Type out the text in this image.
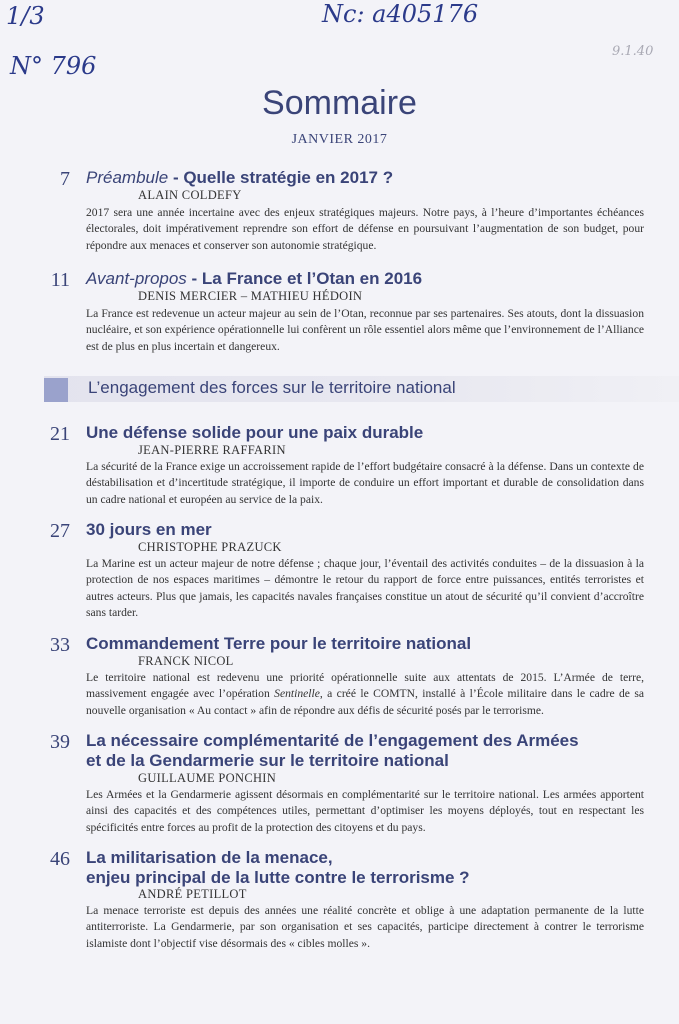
1/3	Nc: a405176
N° 796
9.1.40
Sommaire
JANVIER 2017
7 Préambule - Quelle stratégie en 2017 ?
ALAIN COLDEFY
2017 sera une année incertaine avec des enjeux stratégiques majeurs. Notre pays, à l’heure d’importantes échéances électorales, doit impérativement reprendre son effort de défense en poursuivant l’augmentation de son budget, pour répondre aux menaces et conserver son autonomie stratégique.
11 Avant-propos - La France et l’Otan en 2016
DENIS MERCIER – MATHIEU HÉDOIN
La France est redevenue un acteur majeur au sein de l’Otan, reconnue par ses partenaires. Ses atouts, dont la dissuasion nucléaire, et son expérience opérationnelle lui confèrent un rôle essentiel alors même que l’environnement de l’Alliance est de plus en plus incertain et dangereux.
L’engagement des forces sur le territoire national
21 Une défense solide pour une paix durable
JEAN-PIERRE RAFFARIN
La sécurité de la France exige un accroissement rapide de l’effort budgétaire consacré à la défense. Dans un contexte de déstabilisation et d’incertitude stratégique, il importe de conduire un effort important et durable de consolidation dans un cadre national et européen au service de la paix.
27 30 jours en mer
CHRISTOPHE PRAZUCK
La Marine est un acteur majeur de notre défense ; chaque jour, l’éventail des activités conduites – de la dissuasion à la protection de nos espaces maritimes – démontre le retour du rapport de force entre puissances, entités terroristes et autres acteurs. Plus que jamais, les capacités navales françaises constitue un atout de sécurité qu’il convient d’accroître sans tarder.
33 Commandement Terre pour le territoire national
FRANCK NICOL
Le territoire national est redevenu une priorité opérationnelle suite aux attentats de 2015. L’Armée de terre, massivement engagée avec l’opération Sentinelle, a créé le COMTN, installé à l’École militaire dans le cadre de sa nouvelle organisation « Au contact » afin de répondre aux défis de sécurité posés par le terrorisme.
39 La nécessaire complémentarité de l’engagement des Armées
et de la Gendarmerie sur le territoire national
GUILLAUME PONCHIN
Les Armées et la Gendarmerie agissent désormais en complémentarité sur le territoire national. Les armées apportent ainsi des capacités et des compétences utiles, permettant d’optimiser les moyens déployés, tout en respectant les spécificités entre forces au profit de la protection des citoyens et du pays.
46 La militarisation de la menace,
enjeu principal de la lutte contre le terrorisme ?
ANDRÉ PETILLOT
La menace terroriste est depuis des années une réalité concrète et oblige à une adaptation permanente de la lutte antiterroriste. La Gendarmerie, par son organisation et ses capacités, participe directement à contrer le terrorisme islamiste dont l’objectif vise désormais des « cibles molles ».
